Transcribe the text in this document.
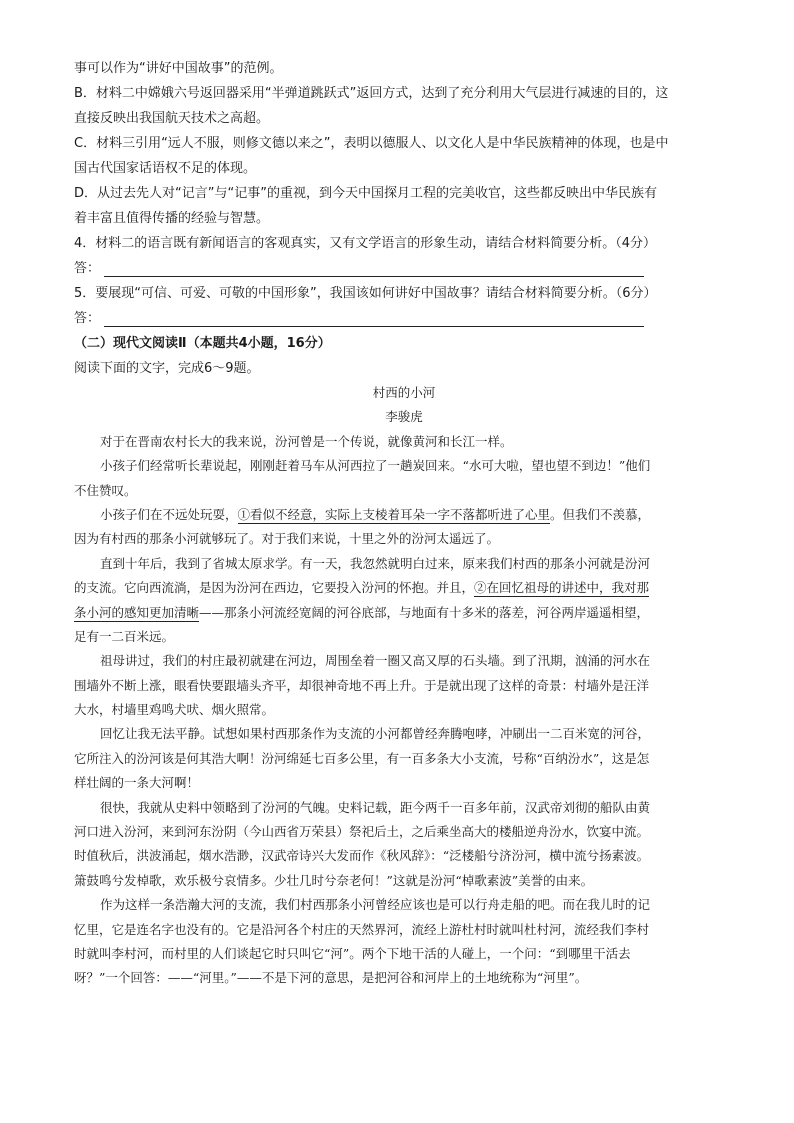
事可以作为“讲好中国故事”的范例。
B．材料二中嫦娥六号返回器采用“半弹道跳跃式”返回方式，达到了充分利用大气层进行减速的目的，这
直接反映出我国航天技术之高超。
C．材料三引用“远人不服，则修文德以来之”，表明以德服人、以文化人是中华民族精神的体现，也是中
国古代国家话语权不足的体现。
D．从过去先人对“记言”与“记事”的重视，到今天中国探月工程的完美收官，这些都反映出中华民族有
着丰富且值得传播的经验与智慧。
4．材料二的语言既有新闻语言的客观真实，又有文学语言的形象生动，请结合材料简要分析。（4分）
答：
5．要展现“可信、可爱、可敬的中国形象”，我国该如何讲好中国故事？请结合材料简要分析。（6分）
答：
（二）现代文阅读Ⅱ（本题共4小题，16分）
阅读下面的文字，完成6～9题。
村西的小河
李骏虎
对于在晋南农村长大的我来说，汾河曾是一个传说，就像黄河和长江一样。
小孩子们经常听长辈说起，刚刚赶着马车从河西拉了一趟炭回来。“水可大啦，望也望不到边！”他们
不住赞叹。
小孩子们在不远处玩耍，①看似不经意，实际上支棱着耳朵一字不落都听进了心里。但我们不羡慕，
因为有村西的那条小河就够玩了。对于我们来说，十里之外的汾河太遥远了。
直到十年后，我到了省城太原求学。有一天，我忽然就明白过来，原来我们村西的那条小河就是汾河
的支流。它向西流淌，是因为汾河在西边，它要投入汾河的怀抱。并且，②在回忆祖母的讲述中，我对那
条小河的感知更加清晰——那条小河流经宽阔的河谷底部，与地面有十多米的落差，河谷两岸遥遥相望，
足有一二百米远。
祖母讲过，我们的村庄最初就建在河边，周围垒着一圈又高又厚的石头墙。到了汛期，汹涌的河水在
围墙外不断上涨，眼看快要跟墙头齐平，却很神奇地不再上升。于是就出现了这样的奇景：村墙外是汪洋
大水，村墙里鸡鸣犬吠、烟火照常。
回忆让我无法平静。试想如果村西那条作为支流的小河都曾经奔腾咆哮，冲刷出一二百米宽的河谷，
它所注入的汾河该是何其浩大啊！汾河绵延七百多公里，有一百多条大小支流，号称“百纳汾水”，这是怎
样壮阔的一条大河啊！
很快，我就从史料中领略到了汾河的气魄。史料记载，距今两千一百多年前，汉武帝刘彻的船队由黄
河口进入汾河，来到河东汾阴（今山西省万荣县）祭祀后土，之后乘坐高大的楼船逆舟汾水，饮宴中流。
时值秋后，洪波涌起，烟水浩渺，汉武帝诗兴大发而作《秋风辞》：“泛楼船兮济汾河，横中流兮扬素波。
箫鼓鸣兮发棹歌，欢乐极兮哀情多。少壮几时兮奈老何！”这就是汾河“棹歌素波”美誉的由来。
作为这样一条浩瀚大河的支流，我们村西那条小河曾经应该也是可以行舟走船的吧。而在我儿时的记
忆里，它是连名字也没有的。它是沿河各个村庄的天然界河，流经上游杜村时就叫杜村河，流经我们李村
时就叫李村河，而村里的人们谈起它时只叫它“河”。两个下地干活的人碰上，一个问：“到哪里干活去
呀？”一个回答：——“河里。”——不是下河的意思，是把河谷和河岸上的土地统称为“河里”。
